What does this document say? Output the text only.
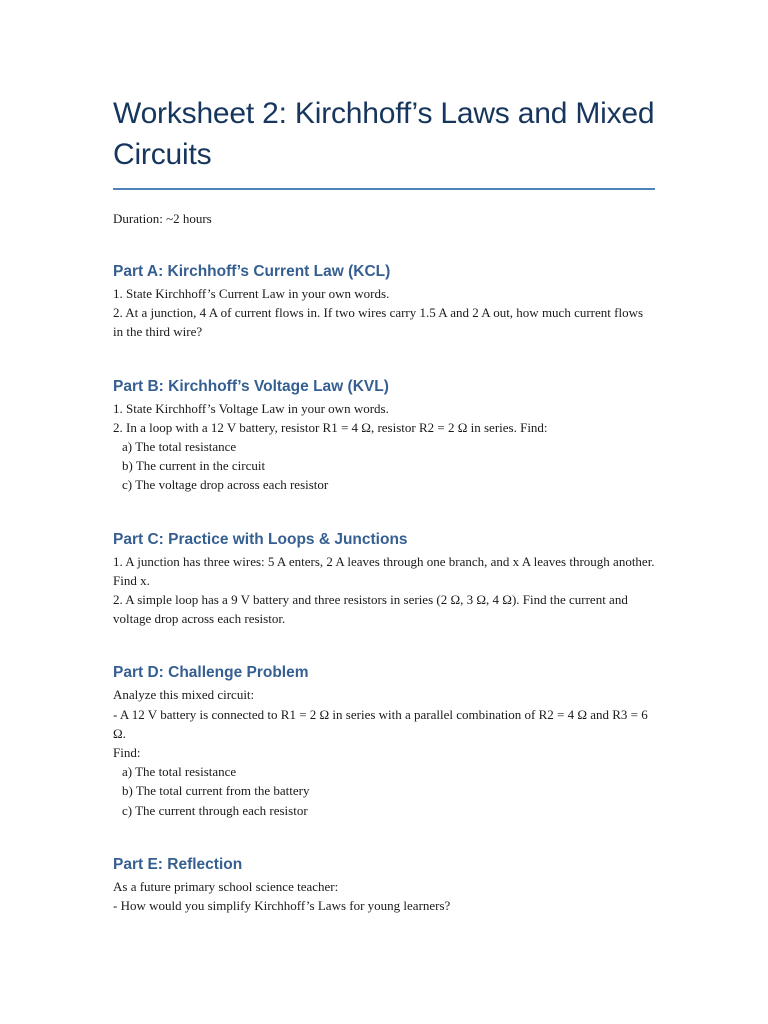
Worksheet 2: Kirchhoff’s Laws and Mixed Circuits
Duration: ~2 hours
Part A: Kirchhoff’s Current Law (KCL)
1. State Kirchhoff’s Current Law in your own words.
2. At a junction, 4 A of current flows in. If two wires carry 1.5 A and 2 A out, how much current flows in the third wire?
Part B: Kirchhoff’s Voltage Law (KVL)
1. State Kirchhoff’s Voltage Law in your own words.
2. In a loop with a 12 V battery, resistor R1 = 4 Ω, resistor R2 = 2 Ω in series. Find:
a) The total resistance
b) The current in the circuit
c) The voltage drop across each resistor
Part C: Practice with Loops & Junctions
1. A junction has three wires: 5 A enters, 2 A leaves through one branch, and x A leaves through another. Find x.
2. A simple loop has a 9 V battery and three resistors in series (2 Ω, 3 Ω, 4 Ω). Find the current and voltage drop across each resistor.
Part D: Challenge Problem
Analyze this mixed circuit:
- A 12 V battery is connected to R1 = 2 Ω in series with a parallel combination of R2 = 4 Ω and R3 = 6 Ω.
Find:
a) The total resistance
b) The total current from the battery
c) The current through each resistor
Part E: Reflection
As a future primary school science teacher:
- How would you simplify Kirchhoff’s Laws for young learners?
